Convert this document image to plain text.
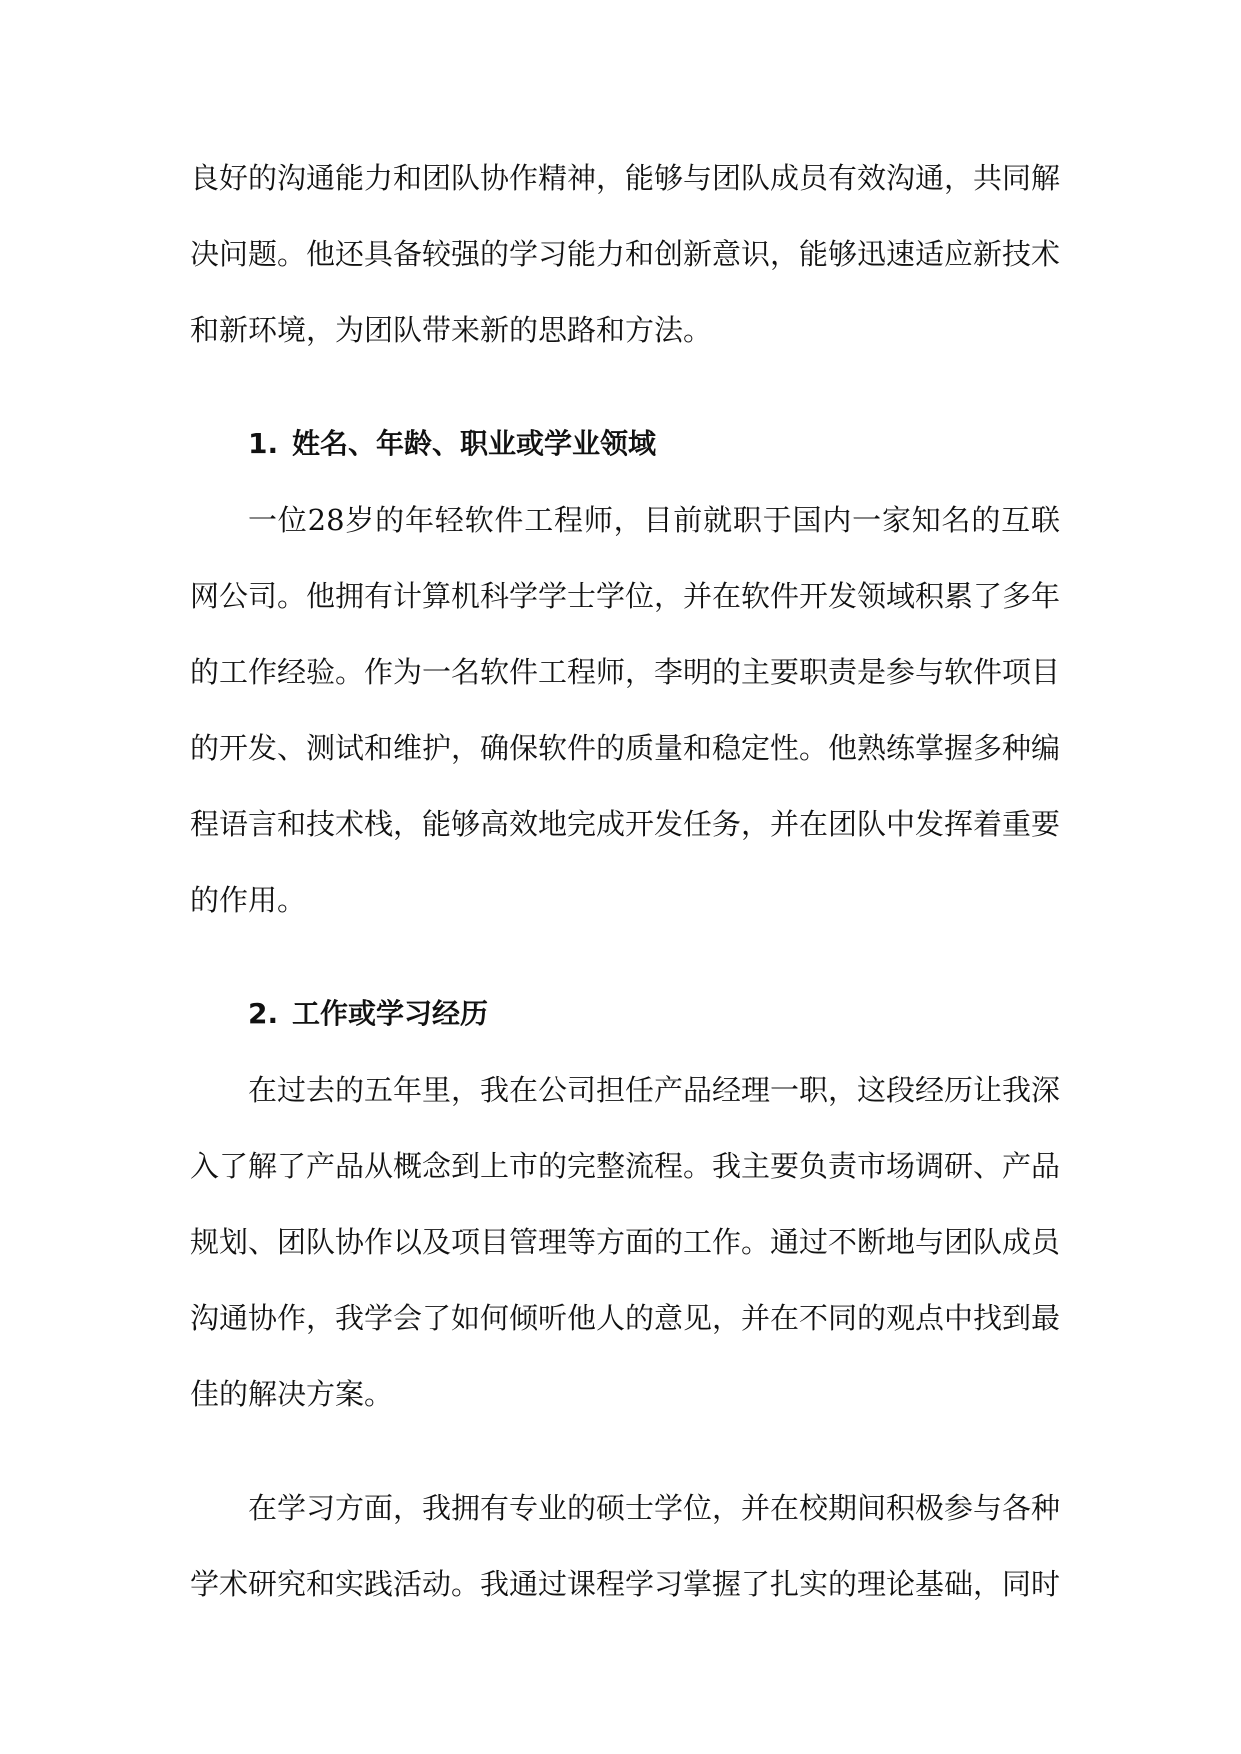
良好的沟通能力和团队协作精神，能够与团队成员有效沟通，共同解决问题。他还具备较强的学习能力和创新意识，能够迅速适应新技术和新环境，为团队带来新的思路和方法。

1. 姓名、年龄、职业或学业领域

一位28岁的年轻软件工程师，目前就职于国内一家知名的互联网公司。他拥有计算机科学学士学位，并在软件开发领域积累了多年的工作经验。作为一名软件工程师，李明的主要职责是参与软件项目的开发、测试和维护，确保软件的质量和稳定性。他熟练掌握多种编程语言和技术栈，能够高效地完成开发任务，并在团队中发挥着重要的作用。

2. 工作或学习经历

在过去的五年里，我在公司担任产品经理一职，这段经历让我深入了解了产品从概念到上市的完整流程。我主要负责市场调研、产品规划、团队协作以及项目管理等方面的工作。通过不断地与团队成员沟通协作，我学会了如何倾听他人的意见，并在不同的观点中找到最佳的解决方案。

在学习方面，我拥有专业的硕士学位，并在校期间积极参与各种学术研究和实践活动。我通过课程学习掌握了扎实的理论基础，同时
